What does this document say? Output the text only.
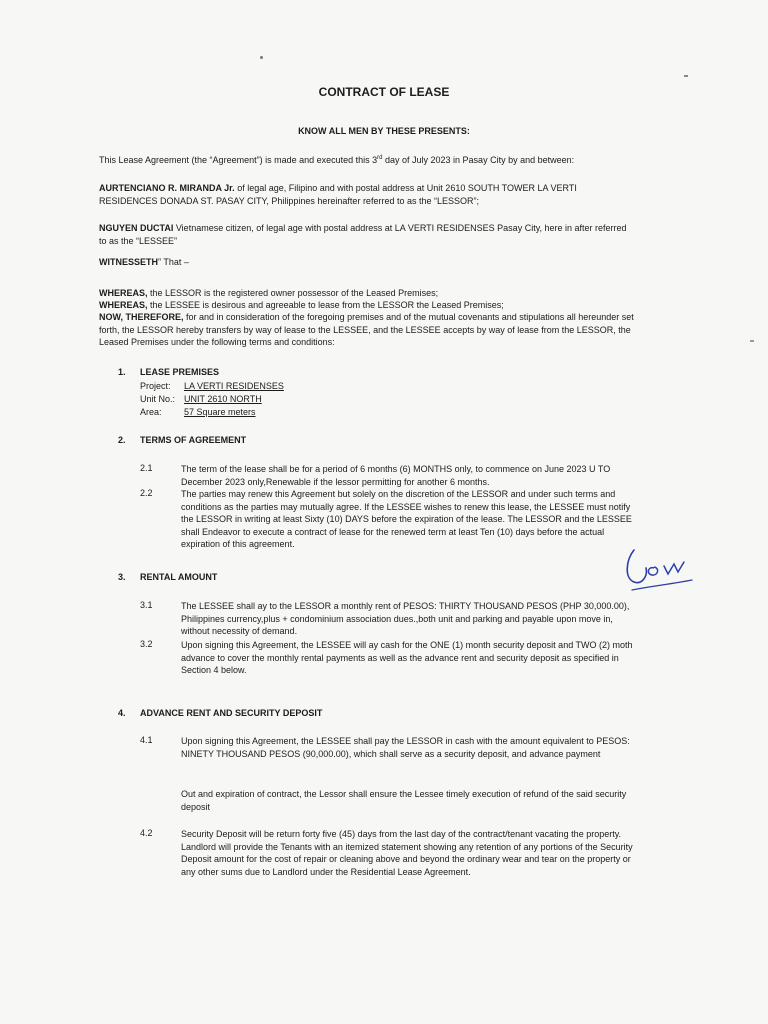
CONTRACT OF LEASE
KNOW ALL MEN BY THESE PRESENTS:
This Lease Agreement (the “Agreement”) is made and executed this 3rd day of July 2023 in Pasay City by and between:
AURTENCIANO R. MIRANDA Jr. of legal age, Filipino and with postal address at Unit 2610 SOUTH TOWER LA VERTI RESIDENCES DONADA ST. PASAY CITY, Philippines hereinafter referred to as the “LESSOR”;
NGUYEN DUCTAI Vietnamese citizen, of legal age with postal address at LA VERTI RESIDENSES Pasay City, here in after referred to as the “LESSEE”
WITNESSETH” That –
WHEREAS, the LESSOR is the registered owner possessor of the Leased Premises;
WHEREAS, the LESSEE is desirous and agreeable to lease from the LESSOR the Leased Premises;
NOW, THEREFORE, for and in consideration of the foregoing premises and of the mutual covenants and stipulations all hereunder set forth, the LESSOR hereby transfers by way of lease to the LESSEE, and the LESSEE accepts by way of lease from the LESSOR, the Leased Premises under the following terms and conditions:
1. LEASE PREMISES
Project: LA VERTI RESIDENSES
Unit No.: UNIT 2610 NORTH
Area: 57 Square meters
2. TERMS OF AGREEMENT
2.1	The term of the lease shall be for a period of 6 months (6) MONTHS only, to commence on June 2023 U TO December 2023 only,Renewable if the lessor permitting for another 6 months.
2.2	The parties may renew this Agreement but solely on the discretion of the LESSOR and under such terms and conditions as the parties may mutually agree. If the LESSEE wishes to renew this lease, the LESSEE must notify the LESSOR in writing at least Sixty (10) DAYS before the expiration of the lease. The LESSOR and the LESSEE shall Endeavor to execute a contract of lease for the renewed term at least Ten (10) days before the actual expiration of this agreement.
3. RENTAL AMOUNT
3.1	The LESSEE shall ay to the LESSOR a monthly rent of PESOS: THIRTY THOUSAND PESOS (PHP 30,000.00), Philippines currency,plus + condominium association dues.,both unit and parking and payable upon move in, without necessity of demand.
3.2	Upon signing this Agreement, the LESSEE will ay cash for the ONE (1) month security deposit and TWO (2) moth advance to cover the monthly rental payments as well as the advance rent and security deposit as specified in Section 4 below.
4. ADVANCE RENT AND SECURITY DEPOSIT
4.1	Upon signing this Agreement, the LESSEE shall pay the LESSOR in cash with the amount equivalent to PESOS: NINETY THOUSAND PESOS (90,000.00), which shall serve as a security deposit, and advance payment
Out and expiration of contract, the Lessor shall ensure the Lessee timely execution of refund of the said security deposit
4.2	Security Deposit will be return forty five (45) days from the last day of the contract/tenant vacating the property. Landlord will provide the Tenants with an itemized statement showing any retention of any portions of the Security Deposit amount for the cost of repair or cleaning above and beyond the ordinary wear and tear on the property or any other sums due to Landlord under the Residential Lease Agreement.
